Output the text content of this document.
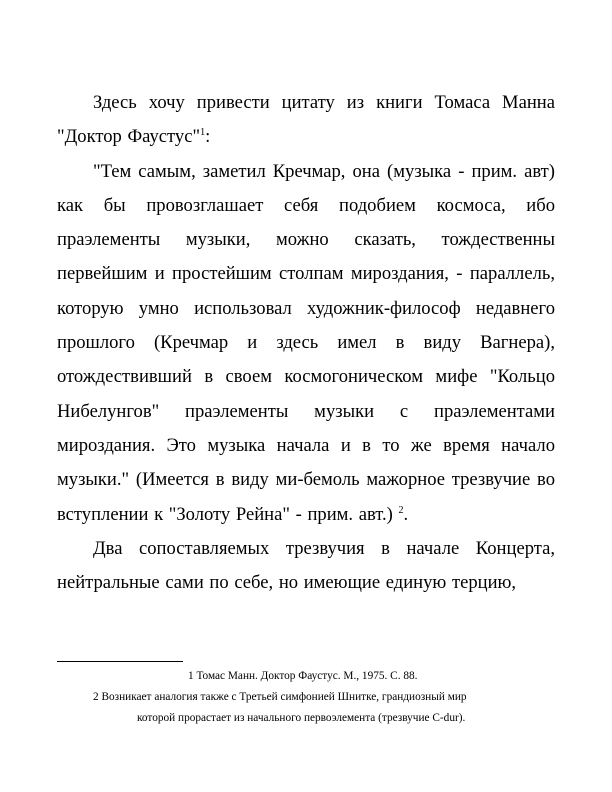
Здесь хочу привести цитату из книги Томаса Манна "Доктор Фаустус"$^1$:

"Тем самым, заметил Кречмар, она (музыка - прим. авт) как бы провозглашает себя подобием космоса, ибо праэлементы музыки, можно сказать, тождественны первейшим и простейшим столпам мироздания, - параллель, которую умно использовал художник-философ недавнего прошлого (Кречмар и здесь имел в виду Вагнера), отождествивший в своем космогоническом мифе "Кольцо Нибелунгов" праэлементы музыки с праэлементами мироздания. Это музыка начала и в то же время начало музыки." (Имеется в виду ми-бемоль мажорное трезвучие во вступлении к "Золоту Рейна" - прим. авт.) $^2$.

Два сопоставляемых трезвучия в начале Концерта, нейтральные сами по себе, но имеющие единую терцию,

1 Томас Манн. Доктор Фаустус. М., 1975. С. 88.

2 Возникает аналогия также с Третьей симфонией Шнитке, грандиозный мир
которой прорастает из начального первоэлемента (трезвучие C-dur).
